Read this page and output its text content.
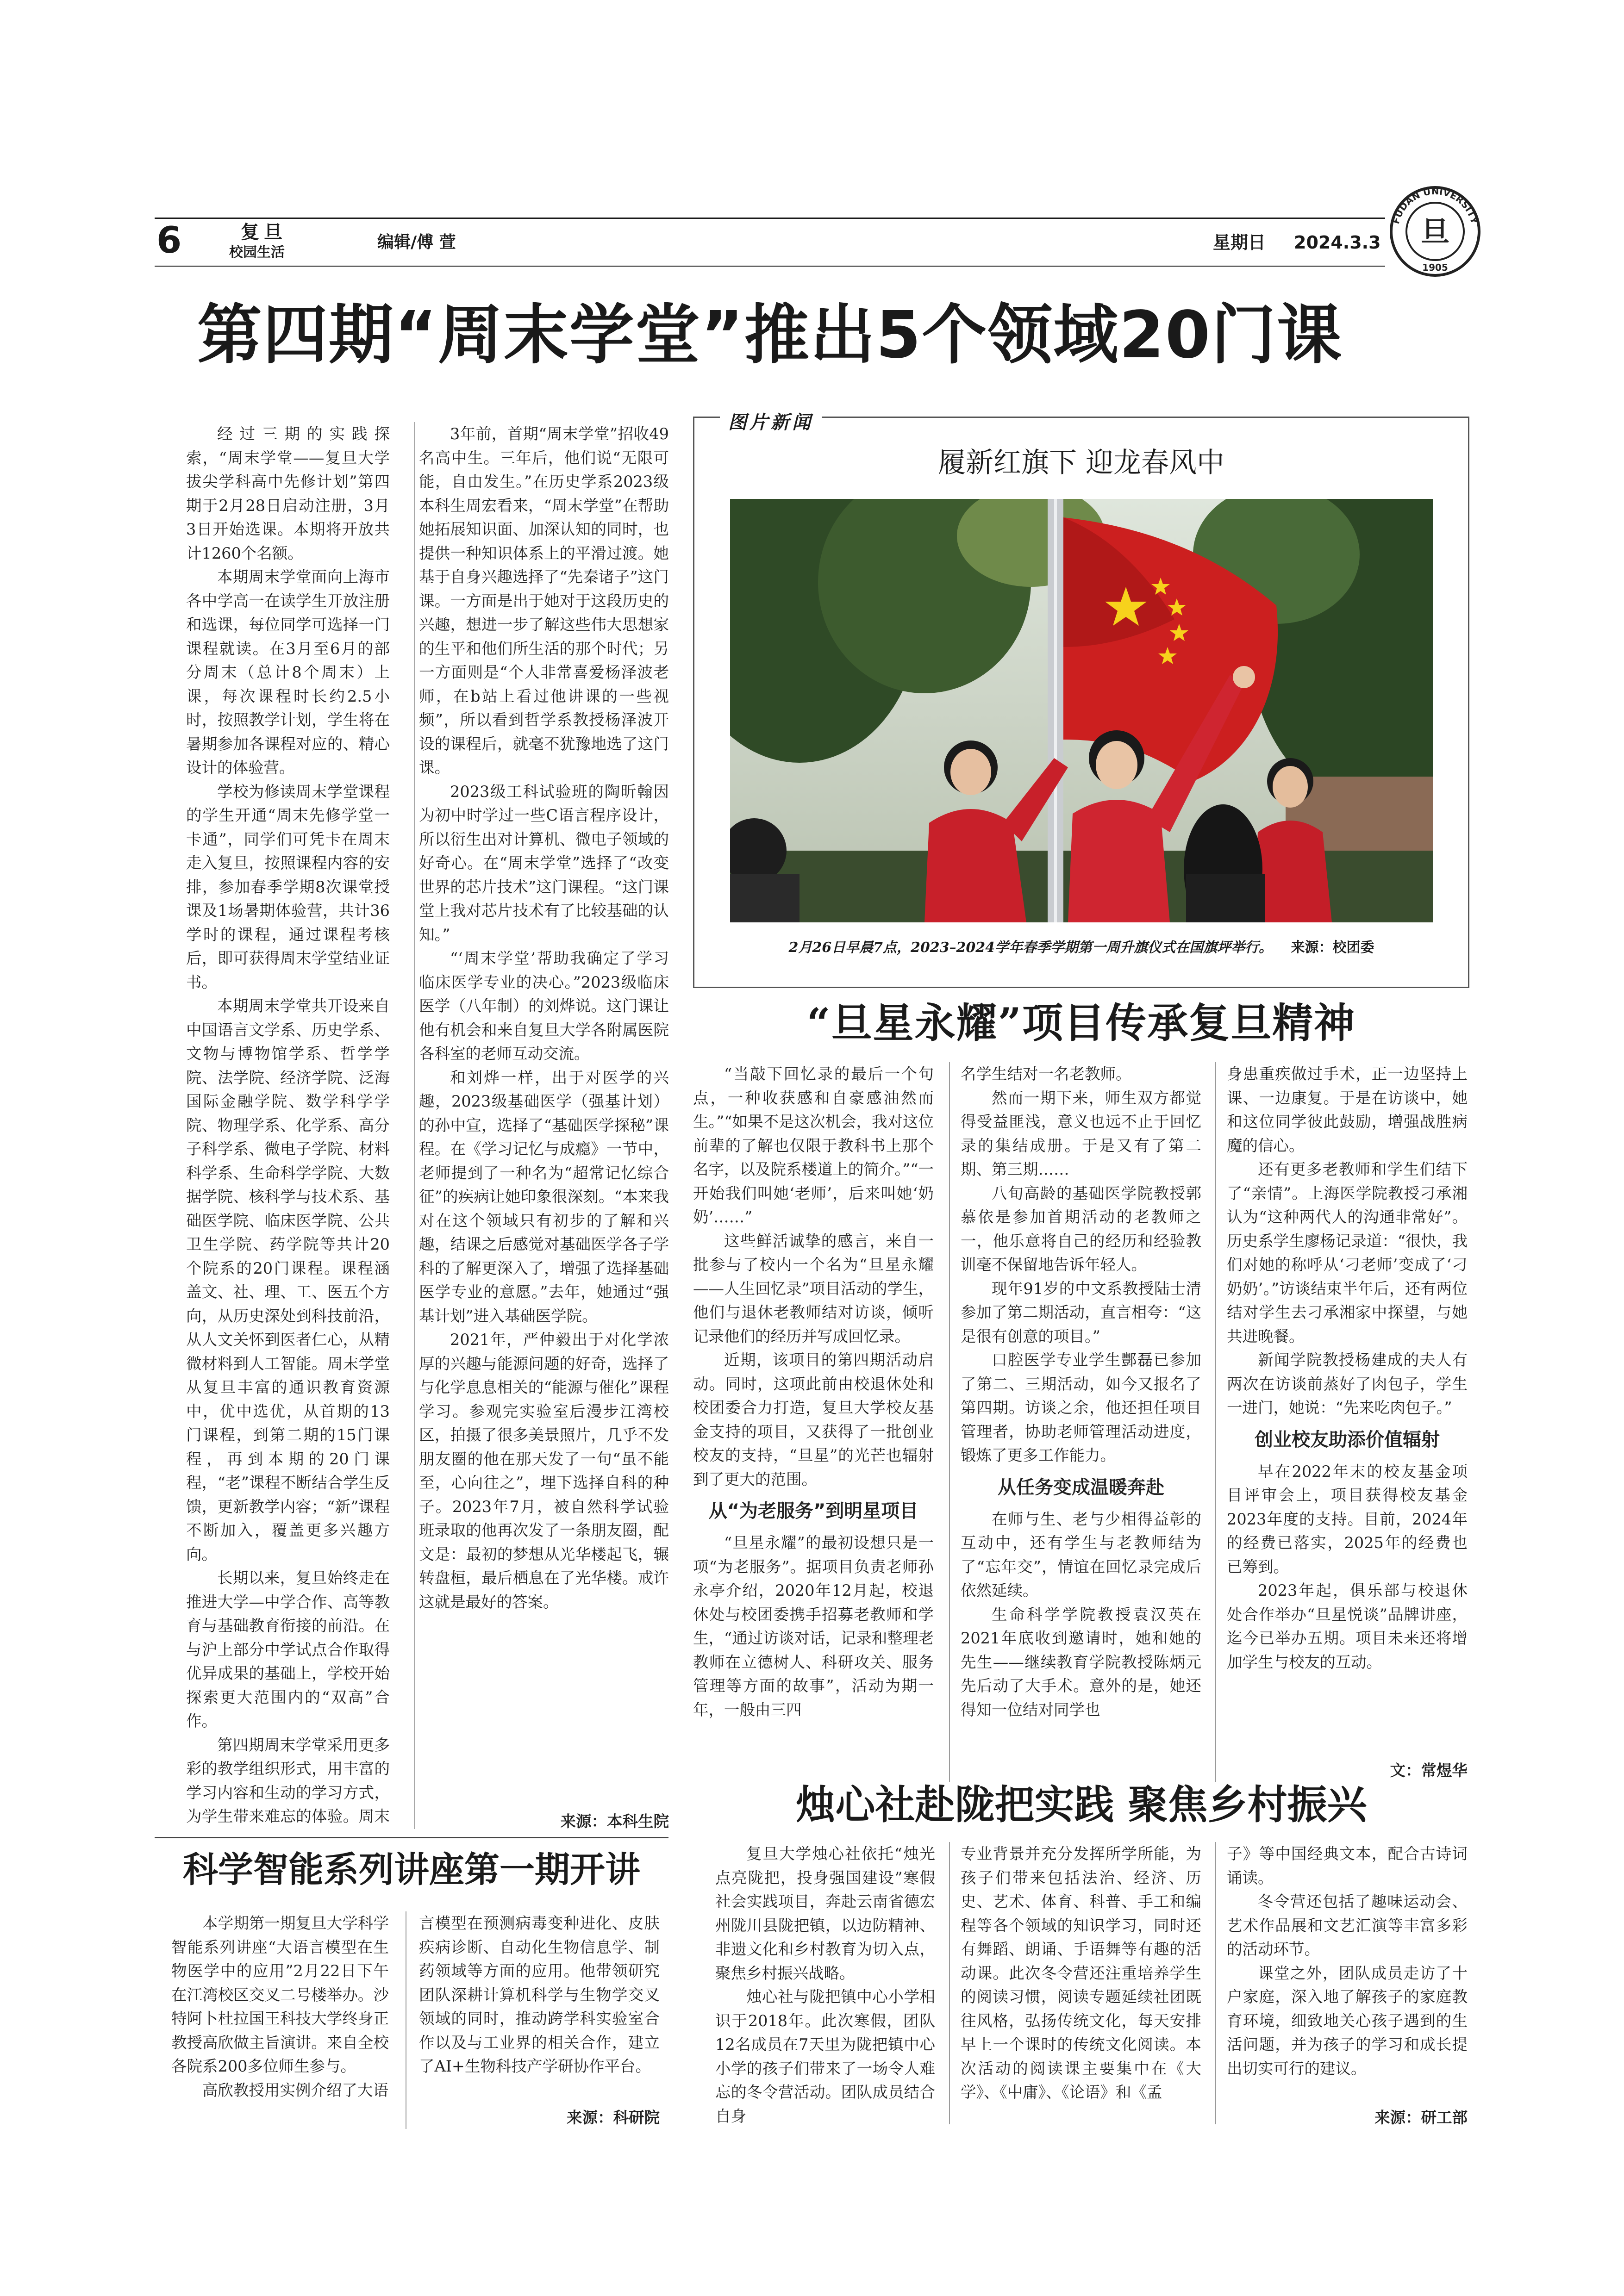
6	复旦
校园生活
编辑/傅 萱	星期日 2024.3.3
FUDAN UNIVERSITY
旦
1905
第四期“周末学堂”推出5个领域20门课

经过三期的实践探索，“周末学堂——复旦大学拔尖学科高中先修计划”第四期于2月28日启动注册，3月3日开始选课。本期将开放共计1260个名额。

本期周末学堂面向上海市各中学高一在读学生开放注册和选课，每位同学可选择一门课程就读。在3月至6月的部分周末（总计8个周末）上课，每次课程时长约2.5小时，按照教学计划，学生将在暑期参加各课程对应的、精心设计的体验营。

学校为修读周末学堂课程的学生开通“周末先修学堂一卡通”，同学们可凭卡在周末走入复旦，按照课程内容的安排，参加春季学期8次课堂授课及1场暑期体验营，共计36学时的课程，通过课程考核后，即可获得周末学堂结业证书。

本期周末学堂共开设来自中国语言文学系、历史学系、文物与博物馆学系、哲学学院、法学院、经济学院、泛海国际金融学院、数学科学学院、物理学系、化学系、高分子科学系、微电子学院、材料科学系、生命科学学院、大数据学院、核科学与技术系、基础医学院、临床医学院、公共卫生学院、药学院等共计20个院系的20门课程。课程涵盖文、社、理、工、医五个方向，从历史深处到科技前沿，从人文关怀到医者仁心，从精微材料到人工智能。周末学堂从复旦丰富的通识教育资源中，优中选优，从首期的13门课程，到第二期的15门课程，再到本期的20门课程，“老”课程不断结合学生反馈，更新教学内容；“新”课程不断加入，覆盖更多兴趣方向。

长期以来，复旦始终走在推进大学—中学合作、高等教育与基础教育衔接的前沿。在与沪上部分中学试点合作取得优异成果的基础上，学校开始探索更大范围内的“双高”合作。

第四期周末学堂采用更多彩的教学组织形式，用丰富的学习内容和生动的学习方式，为学生带来难忘的体验。周末

3年前，首期“周末学堂”招收49名高中生。三年后，他们说“无限可能，自由发生。”在历史学系2023级本科生周宏看来，“周末学堂”在帮助她拓展知识面、加深认知的同时，也提供一种知识体系上的平滑过渡。她基于自身兴趣选择了“先秦诸子”这门课。一方面是出于她对于这段历史的兴趣，想进一步了解这些伟大思想家的生平和他们所生活的那个时代；另一方面则是“个人非常喜爱杨泽波老师，在b站上看过他讲课的一些视频”，所以看到哲学系教授杨泽波开设的课程后，就毫不犹豫地选了这门课。

2023级工科试验班的陶昕翰因为初中时学过一些C语言程序设计，所以衍生出对计算机、微电子领域的好奇心。在“周末学堂”选择了“改变世界的芯片技术”这门课程。“这门课堂上我对芯片技术有了比较基础的认知。”

“‘周末学堂’帮助我确定了学习临床医学专业的决心。”2023级临床医学（八年制）的刘烨说。这门课让他有机会和来自复旦大学各附属医院各科室的老师互动交流。

和刘烨一样，出于对医学的兴趣，2023级基础医学（强基计划）的孙中宣，选择了“基础医学探秘”课程。在《学习记忆与成瘾》一节中，老师提到了一种名为“超常记忆综合征”的疾病让她印象很深刻。“本来我对在这个领域只有初步的了解和兴趣，结课之后感觉对基础医学各子学科的了解更深入了，增强了选择基础医学专业的意愿。”去年，她通过“强基计划”进入基础医学院。

2021年，严仲毅出于对化学浓厚的兴趣与能源问题的好奇，选择了与化学息息相关的“能源与催化”课程学习。参观完实验室后漫步江湾校区，拍摄了很多美景照片，几乎不发朋友圈的他在那天发了一句“虽不能至，心向往之”，埋下选择自科的种子。2023年7月，被自然科学试验班录取的他再次发了一条朋友圈，配文是：最初的梦想从光华楼起飞，辗转盘桓，最后栖息在了光华楼。戒许这就是最好的答案。

来源：本科生院
图片新闻
履新红旗下 迎龙春风中
2月26日早晨7点，2023–2024学年春季学期第一周升旗仪式在国旗坪举行。 来源：校团委
“旦星永耀”项目传承复旦精神

“当敲下回忆录的最后一个句点，一种收获感和自豪感油然而生。”“如果不是这次机会，我对这位前辈的了解也仅限于教科书上那个名字，以及院系楼道上的简介。”“一开始我们叫她‘老师’，后来叫她‘奶奶’……”

这些鲜活诚挚的感言，来自一批参与了校内一个名为“旦星永耀——人生回忆录”项目活动的学生，他们与退休老教师结对访谈，倾听记录他们的经历并写成回忆录。

近期，该项目的第四期活动启动。同时，这项此前由校退休处和校团委合力打造，复旦大学校友基金支持的项目，又获得了一批创业校友的支持，“旦星”的光芒也辐射到了更大的范围。

从“为老服务”到明星项目

“旦星永耀”的最初设想只是一项“为老服务”。据项目负责老师孙永亭介绍，2020年12月起，校退休处与校团委携手招募老教师和学生，“通过访谈对话，记录和整理老教师在立德树人、科研攻关、服务管理等方面的故事”，活动为期一年，一般由三四

名学生结对一名老教师。

然而一期下来，师生双方都觉得受益匪浅，意义也远不止于回忆录的集结成册。于是又有了第二期、第三期……

八旬高龄的基础医学院教授郭慕依是参加首期活动的老教师之一，他乐意将自己的经历和经验教训毫不保留地告诉年轻人。

现年91岁的中文系教授陆士清参加了第二期活动，直言相夸：“这是很有创意的项目。”

口腔医学专业学生酆磊已参加了第二、三期活动，如今又报名了第四期。访谈之余，他还担任项目管理者，协助老师管理活动进度，锻炼了更多工作能力。

从任务变成温暖奔赴

在师与生、老与少相得益彰的互动中，还有学生与老教师结为了“忘年交”，情谊在回忆录完成后依然延续。

生命科学学院教授袁汉英在2021年底收到邀请时，她和她的先生——继续教育学院教授陈炳元先后动了大手术。意外的是，她还得知一位结对同学也

身患重疾做过手术，正一边坚持上课、一边康复。于是在访谈中，她和这位同学彼此鼓励，增强战胜病魔的信心。

还有更多老教师和学生们结下了“亲情”。上海医学院教授刁承湘认为“这种两代人的沟通非常好”。历史系学生廖杨记录道：“很快，我们对她的称呼从‘刁老师’变成了‘刁奶奶’。”访谈结束半年后，还有两位结对学生去刁承湘家中探望，与她共进晚餐。

新闻学院教授杨建成的夫人有两次在访谈前蒸好了肉包子，学生一进门，她说：“先来吃肉包子。”

创业校友助添价值辐射

早在2022年末的校友基金项目评审会上，项目获得校友基金2023年度的支持。目前，2024年的经费已落实，2025年的经费也已筹到。

2023年起，俱乐部与校退休处合作举办“旦星悦谈”品牌讲座，迄今已举办五期。项目未来还将增加学生与校友的互动。

文：常煜华
科学智能系列讲座第一期开讲

本学期第一期复旦大学科学智能系列讲座“大语言模型在生物医学中的应用”2月22日下午在江湾校区交叉二号楼举办。沙特阿卜杜拉国王科技大学终身正教授高欣做主旨演讲。来自全校各院系200多位师生参与。

高欣教授用实例介绍了大语

言模型在预测病毒变种进化、皮肤疾病诊断、自动化生物信息学、制药领域等方面的应用。他带领研究团队深耕计算机科学与生物学交叉领域的同时，推动跨学科实验室合作以及与工业界的相关合作，建立了AI+生物科技产学研协作平台。

来源：科研院
烛心社赴陇把实践 聚焦乡村振兴

复旦大学烛心社依托“烛光点亮陇把，投身强国建设”寒假社会实践项目，奔赴云南省德宏州陇川县陇把镇，以边防精神、非遗文化和乡村教育为切入点，聚焦乡村振兴战略。

烛心社与陇把镇中心小学相识于2018年。此次寒假，团队12名成员在7天里为陇把镇中心小学的孩子们带来了一场令人难忘的冬令营活动。团队成员结合自身

专业背景并充分发挥所学所能，为孩子们带来包括法治、经济、历史、艺术、体育、科普、手工和编程等各个领域的知识学习，同时还有舞蹈、朗诵、手语舞等有趣的活动课。此次冬令营还注重培养学生的阅读习惯，阅读专题延续社团既往风格，弘扬传统文化，每天安排早上一个课时的传统文化阅读。本次活动的阅读课主要集中在《大学》、《中庸》、《论语》和《孟

子》等中国经典文本，配合古诗词诵读。

冬令营还包括了趣味运动会、艺术作品展和文艺汇演等丰富多彩的活动环节。

课堂之外，团队成员走访了十户家庭，深入地了解孩子的家庭教育环境，细致地关心孩子遇到的生活问题，并为孩子的学习和成长提出切实可行的建议。

来源：研工部
